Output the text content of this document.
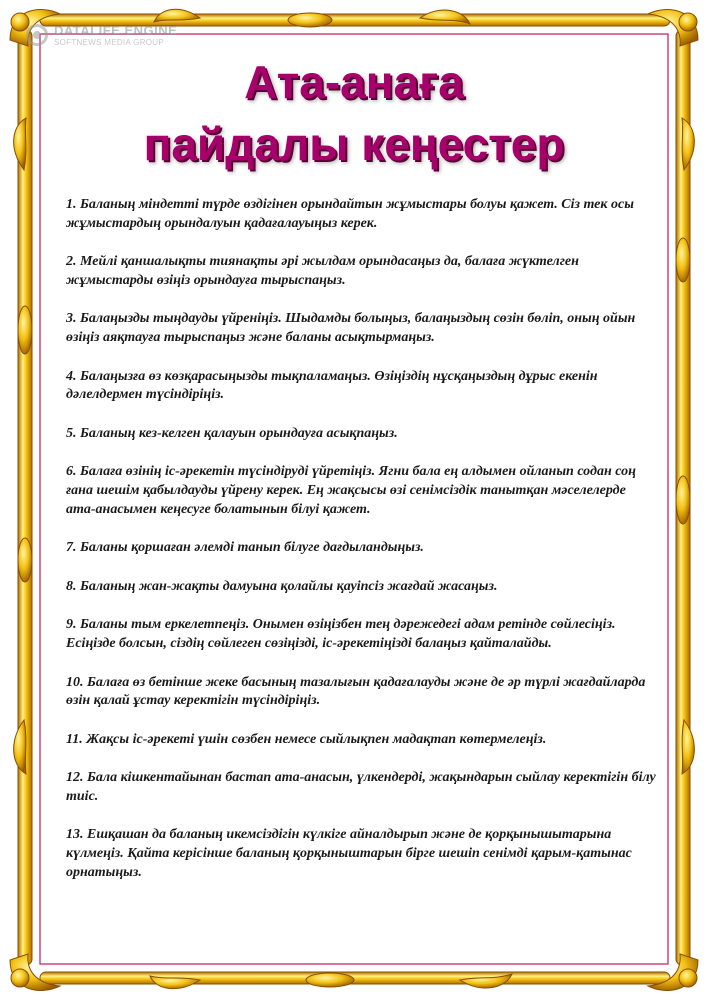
DATALIFE ENGINE
SOFTNEWS MEDIA GROUP
Ата-анаға
пайдалы кеңестер
1. Баланың міндетті түрде өздігінен орындайтын жұмыстары болуы қажет. Сіз тек осы жұмыстардың орындалуын қадағалауыңыз керек.
2. Мейлі қаншалықты тиянақты әрі жылдам орындасаңыз да, балаға жүктелген жұмыстарды өзіңіз орындауға тырыспаңыз.
3. Балаңызды тыңдауды үйреніңіз. Шыдамды болыңыз, балаңыздың сөзін бөліп, оның ойын өзіңіз аяқтауға тырыспаңыз және баланы асықтырмаңыз.
4. Балаңызға өз көзқарасыңызды тықпаламаңыз. Өзіңіздің нұсқаңыздың дұрыс екенін дәлелдермен түсіндіріңіз.
5. Баланың кез-келген қалауын орындауға асықпаңыз.
6. Балаға өзінің іс-әрекетін түсіндіруді үйретіңіз. Ягни бала ең алдымен ойланып содан соң ғана шешім қабылдауды үйрену керек. Ең жақсысы өзі сенімсіздік танытқан мәселелерде ата-анасымен кеңесуге болатынын білуі қажет.
7. Баланы қоршаған әлемді танып білуге дағдыландыңыз.
8. Баланың жан-жақты дамуына қолайлы қауіпсіз жағдай жасаңыз.
9. Баланы тым еркелетпеңіз. Онымен өзіңізбен тең дәрежедегі адам ретінде сөйлесіңіз. Есіңізде болсын, сіздің сөйлеген сөзіңізді, іс-әрекетіңізді балаңыз қайталайды.
10. Балаға өз бетінше жеке басының тазалығын қадағалауды және де әр түрлі жағдайларда өзін қалай ұстау керектігін түсіндіріңіз.
11. Жақсы іс-әрекеті үшін сөзбен немесе сыйлықпен мадақтап көтермелеңіз.
12. Бала кішкентайынан бастап ата-анасын, үлкендерді, жақындарын сыйлау керектігін білу тиіс.
13. Ешқашан да баланың икемсіздігін күлкіге айналдырып және де қорқынышытарына күлмеңіз. Қайта керісінше баланың қорқыныштарын бірге шешіп сенімді қарым-қатынас орнатыңыз.
